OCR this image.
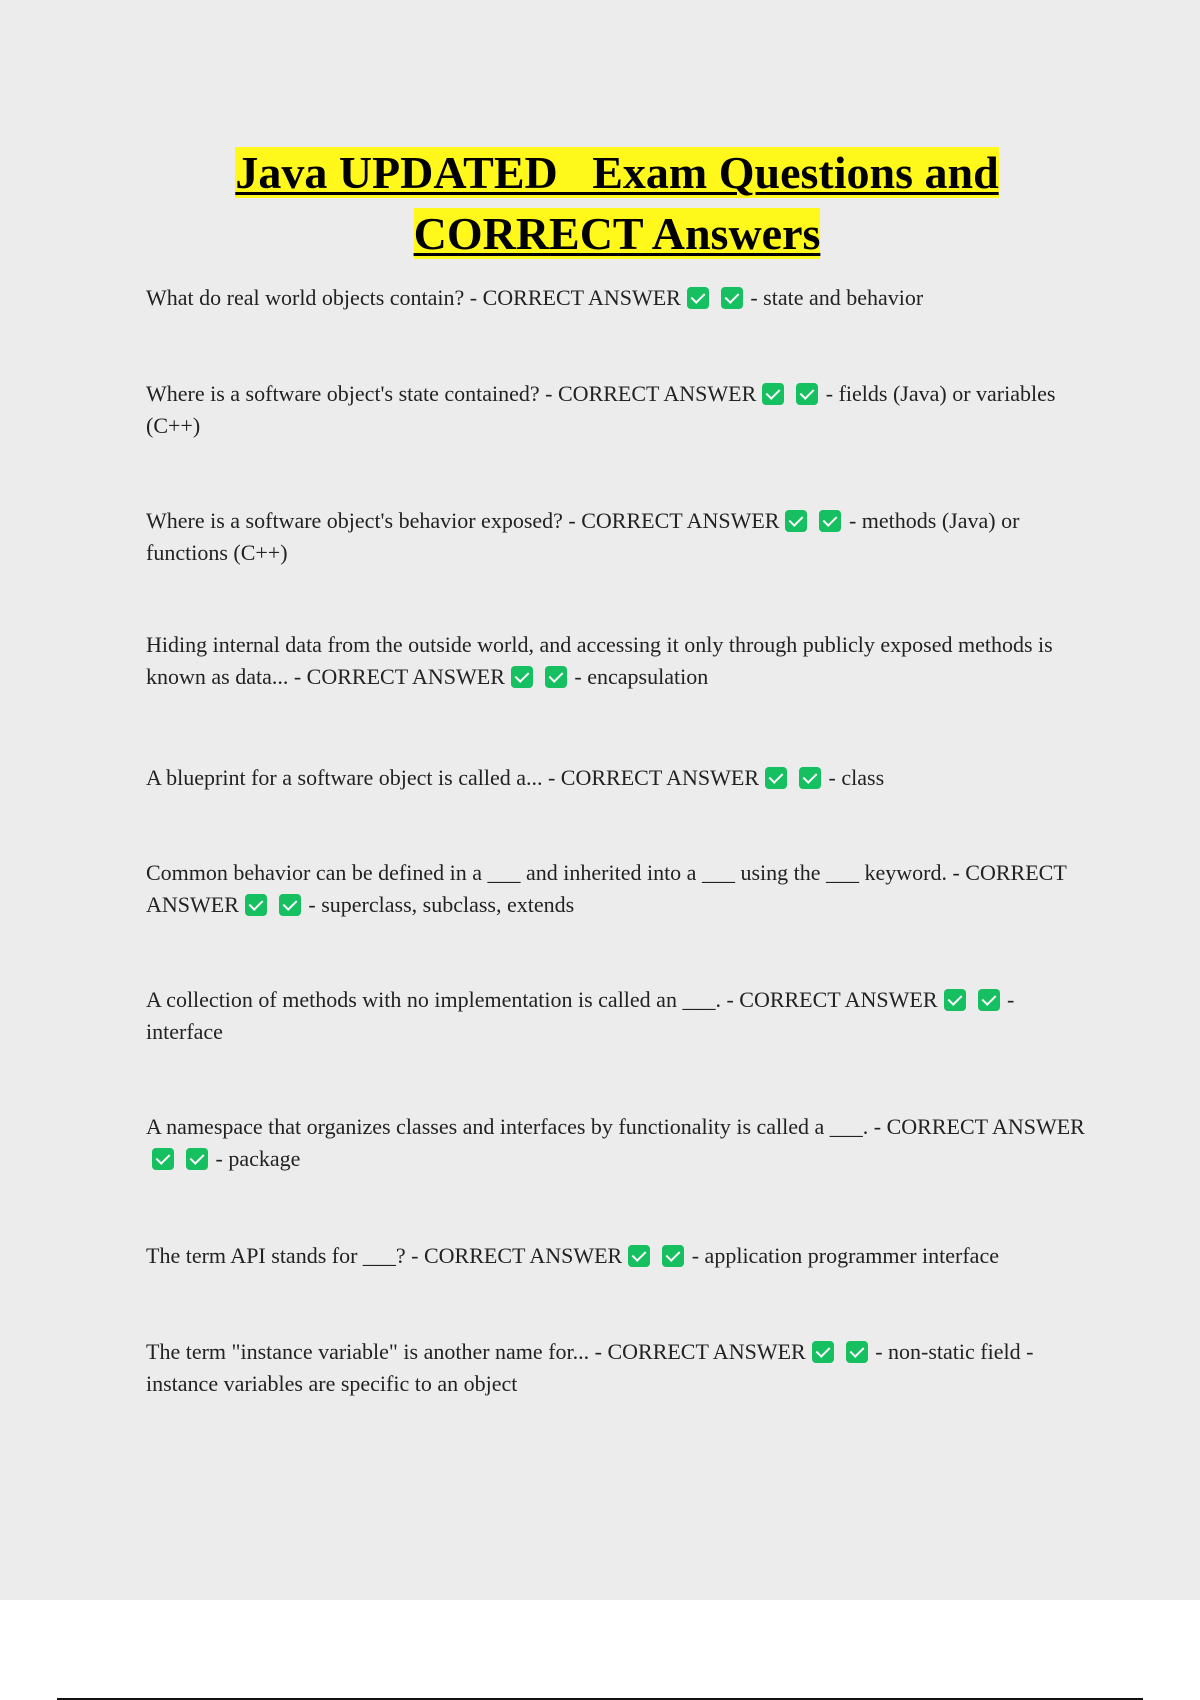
Java UPDATED   Exam Questions and
CORRECT Answers
What do real world objects contain? - CORRECT ANSWER	- state and behavior
Where is a software object's state contained? - CORRECT ANSWER	- fields (Java) or variables (C++)
Where is a software object's behavior exposed? - CORRECT ANSWER	- methods (Java) or functions (C++)
Hiding internal data from the outside world, and accessing it only through publicly exposed methods is known as data... - CORRECT ANSWER	- encapsulation
A blueprint for a software object is called a... - CORRECT ANSWER	- class
Common behavior can be defined in a ___ and inherited into a ___ using the ___ keyword. - CORRECT ANSWER	- superclass, subclass, extends
A collection of methods with no implementation is called an ___. - CORRECT ANSWER	- interface
A namespace that organizes classes and interfaces by functionality is called a ___. - CORRECT ANSWER - package
The term API stands for ___? - CORRECT ANSWER	- application programmer interface
The term "instance variable" is another name for... - CORRECT ANSWER	- non-static field - instance variables are specific to an object
